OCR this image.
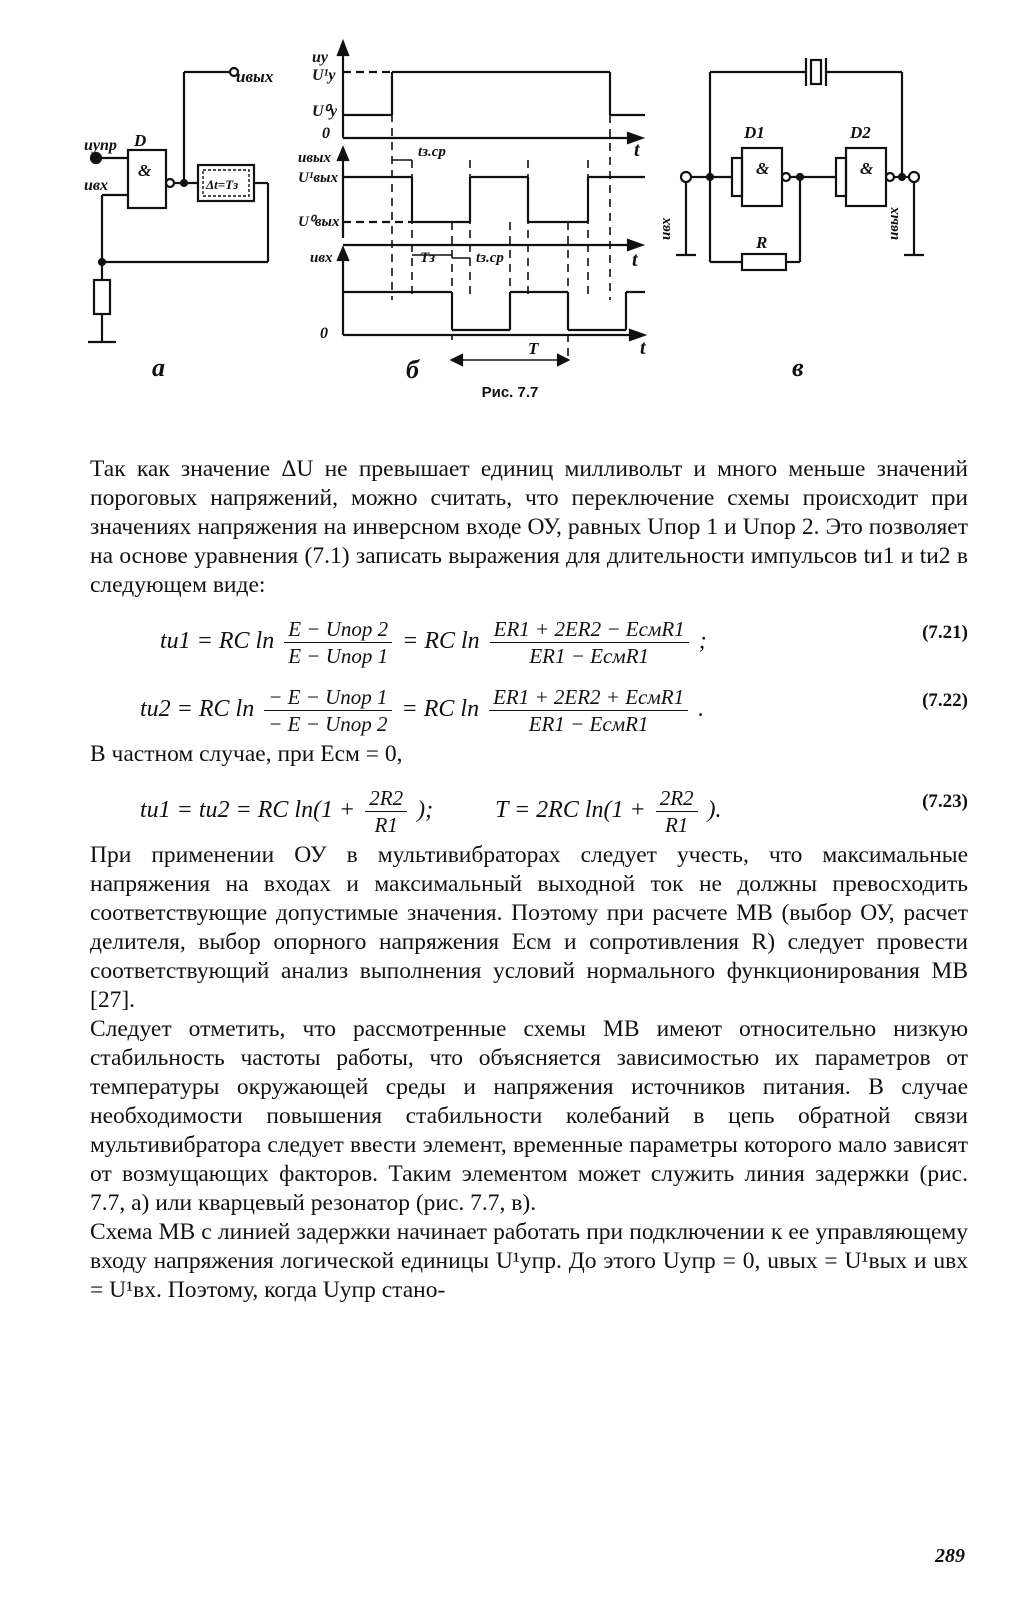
uвых
uупр
uвх
D
&
Δt=Tз
а
uу
U¹у
U⁰у
0
uвых
U¹вых
U⁰вых
uвх
0
t
t
t
tз.ср
Tз	tз.ср
T
б
D1	D2
&	&
R
uвх	uвых
в
Рис. 7.7

Так как значение ΔU не превышает единиц милливольт и много меньше значений пороговых напряжений, можно считать, что переключение схемы происходит при значениях напряжения на инверсном входе ОУ, равных Uпор 1 и Uпор 2. Это позволяет на основе уравнения (7.1) записать выражения для длительности импульсов tи1 и tи2 в следующем виде:

tи1 = RC $\ln \frac{\text{E − Uпор 2}}{\text{E − Uпор 1}}$ = RC $\ln \frac{\text{ER1 + 2ER2 − EсмR1}}{\text{ER1 − EсмR1}}$ ;	(7.21)
tи2 = RC $\ln \frac{\text{− E − Uпор 1}}{\text{− E − Uпор 2}}$ = RC $\ln \frac{\text{ER1 + 2ER2 + EсмR1}}{\text{ER1 − EсмR1}}$ .	(7.22)

В частном случае, при Eсм = 0,

tи1 = tи2 = RC $\ln(1 + \frac{2R2}{R1}$ );	T = 2RC $\ln(1 + \frac{2R2}{R1}$ ).	(7.23)

При применении ОУ в мультивибраторах следует учесть, что максимальные напряжения на входах и максимальный выходной ток не должны превосходить соответствующие допустимые значения. Поэтому при расчете МВ (выбор ОУ, расчет делителя, выбор опорного напряжения Eсм и сопротивления R) следует провести соответствующий анализ выполнения условий нормального функционирования МВ [27].

Следует отметить, что рассмотренные схемы МВ имеют относительно низкую стабильность частоты работы, что объясняется зависимостью их параметров от температуры окружающей среды и напряжения источников питания. В случае необходимости повышения стабильности колебаний в цепь обратной связи мультивибратора следует ввести элемент, временные параметры которого мало зависят от возмущающих факторов. Таким элементом может служить линия задержки (рис. 7.7, а) или кварцевый резонатор (рис. 7.7, в).

Схема МВ с линией задержки начинает работать при подключении к ее управляющему входу напряжения логической единицы U¹упр. До этого Uупр = 0, uвых = U¹вых и uвх = U¹вх. Поэтому, когда Uупр стано-

289
